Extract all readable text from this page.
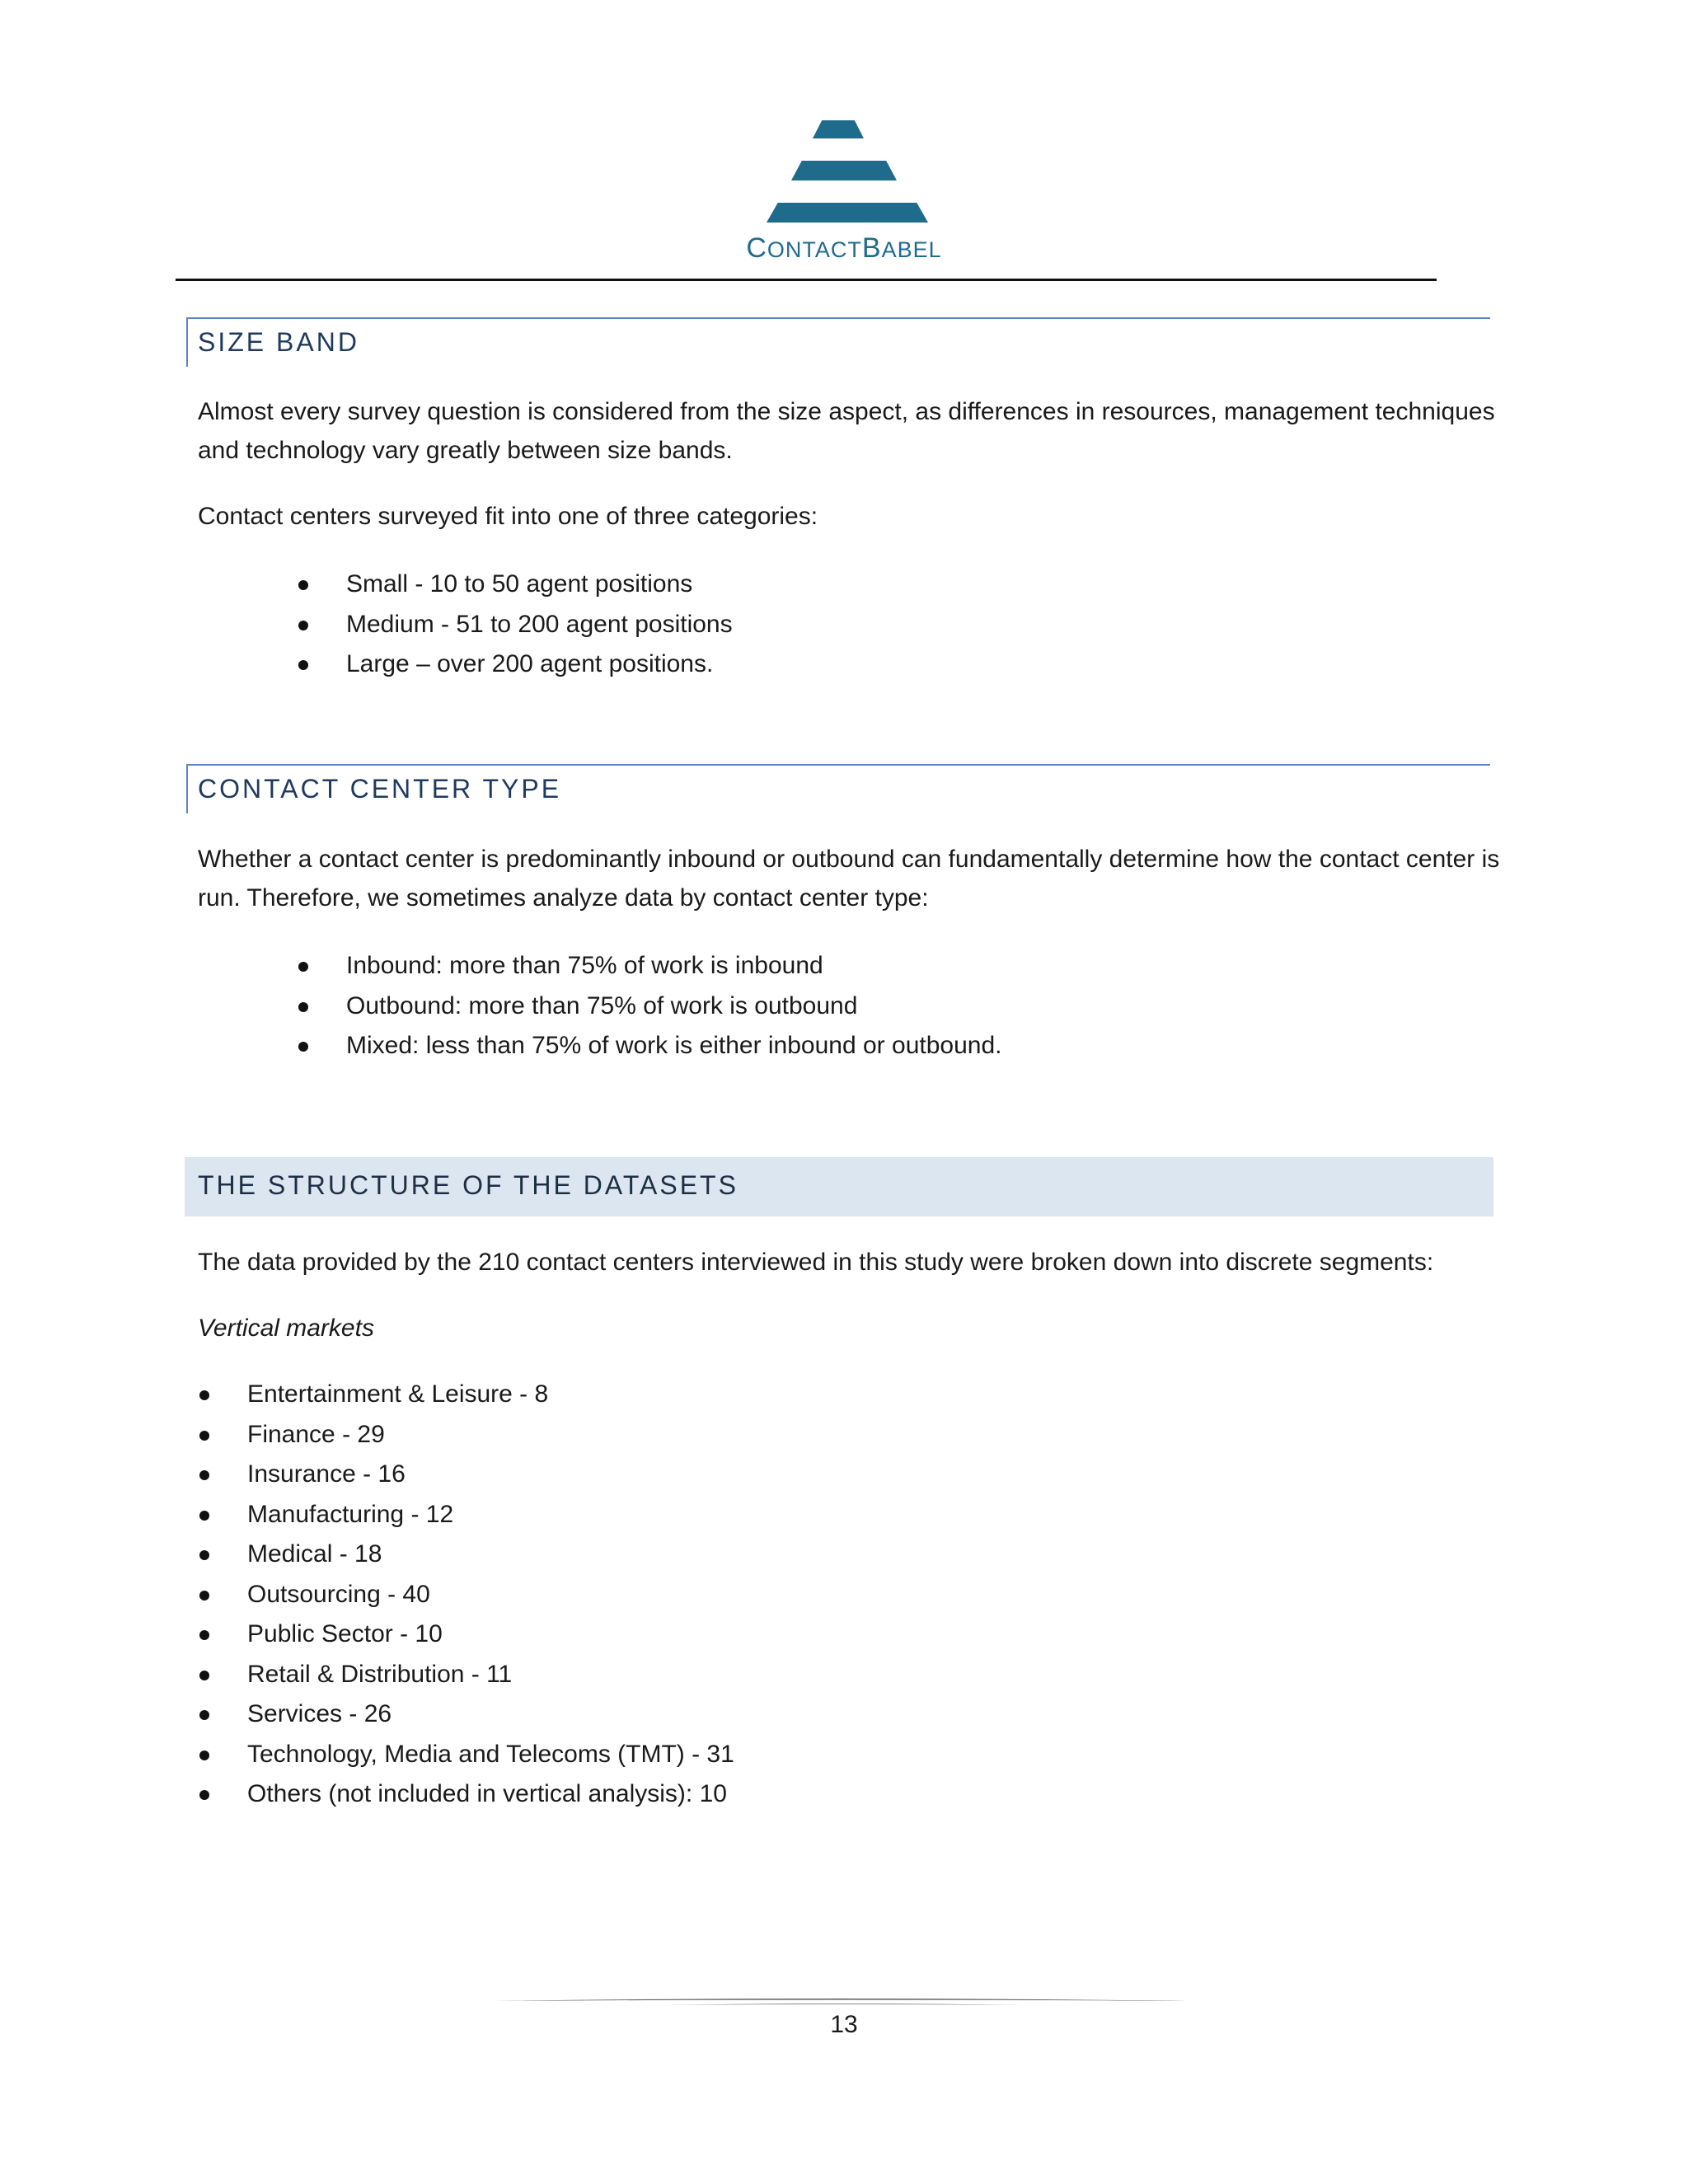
CONTACTBABEL
SIZE BAND
Almost every survey question is considered from the size aspect, as differences in resources, management techniques and technology vary greatly between size bands.
Contact centers surveyed fit into one of three categories:
Small - 10 to 50 agent positions
Medium - 51 to 200 agent positions
Large – over 200 agent positions.
CONTACT CENTER TYPE
Whether a contact center is predominantly inbound or outbound can fundamentally determine how the contact center is run. Therefore, we sometimes analyze data by contact center type:
Inbound: more than 75% of work is inbound
Outbound: more than 75% of work is outbound
Mixed: less than 75% of work is either inbound or outbound.
THE STRUCTURE OF THE DATASETS
The data provided by the 210 contact centers interviewed in this study were broken down into discrete segments:
Vertical markets
Entertainment & Leisure - 8
Finance - 29
Insurance - 16
Manufacturing - 12
Medical - 18
Outsourcing - 40
Public Sector - 10
Retail & Distribution - 11
Services - 26
Technology, Media and Telecoms (TMT) - 31
Others (not included in vertical analysis): 10
13
